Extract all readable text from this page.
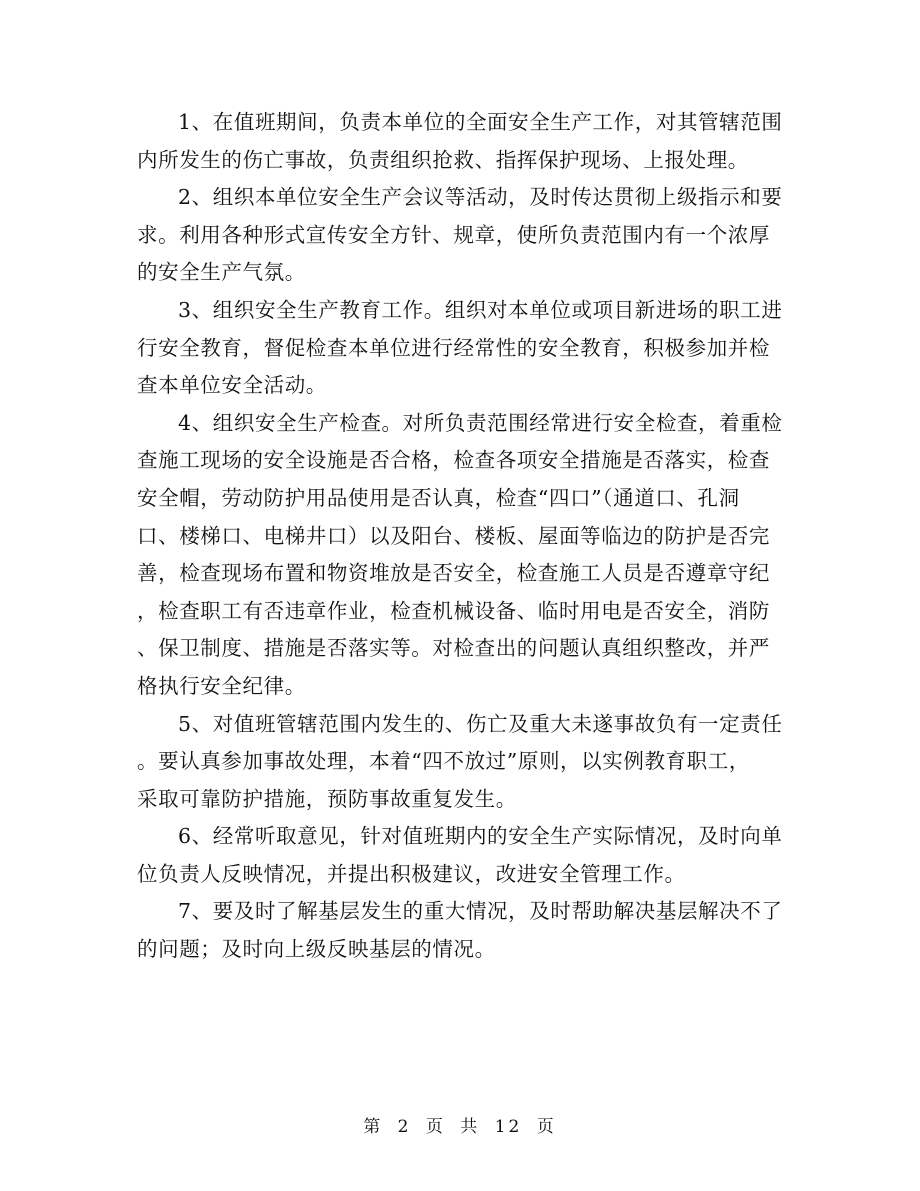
1、在值班期间，负责本单位的全面安全生产工作，对其管辖范围
内所发生的伤亡事故，负责组织抢救、指挥保护现场、上报处理。

2、组织本单位安全生产会议等活动，及时传达贯彻上级指示和要
求。利用各种形式宣传安全方针、规章，使所负责范围内有一个浓厚
的安全生产气氛。

3、组织安全生产教育工作。组织对本单位或项目新进场的职工进
行安全教育，督促检查本单位进行经常性的安全教育，积极参加并检
查本单位安全活动。

4、组织安全生产检查。对所负责范围经常进行安全检查，着重检
查施工现场的安全设施是否合格，检查各项安全措施是否落实，检查
安全帽，劳动防护用品使用是否认真，检查“四口”（通道口、孔洞
口、楼梯口、电梯井口）以及阳台、楼板、屋面等临边的防护是否完
善，检查现场布置和物资堆放是否安全，检查施工人员是否遵章守纪
，检查职工有否违章作业，检查机械设备、临时用电是否安全，消防
、保卫制度、措施是否落实等。对检查出的问题认真组织整改，并严
格执行安全纪律。

5、对值班管辖范围内发生的、伤亡及重大未遂事故负有一定责任
。要认真参加事故处理，本着“四不放过”原则，以实例教育职工，
采取可靠防护措施，预防事故重复发生。

6、经常听取意见，针对值班期内的安全生产实际情况，及时向单
位负责人反映情况，并提出积极建议，改进安全管理工作。

7、要及时了解基层发生的重大情况，及时帮助解决基层解决不了
的问题；及时向上级反映基层的情况。

第 2 页 共 12 页
